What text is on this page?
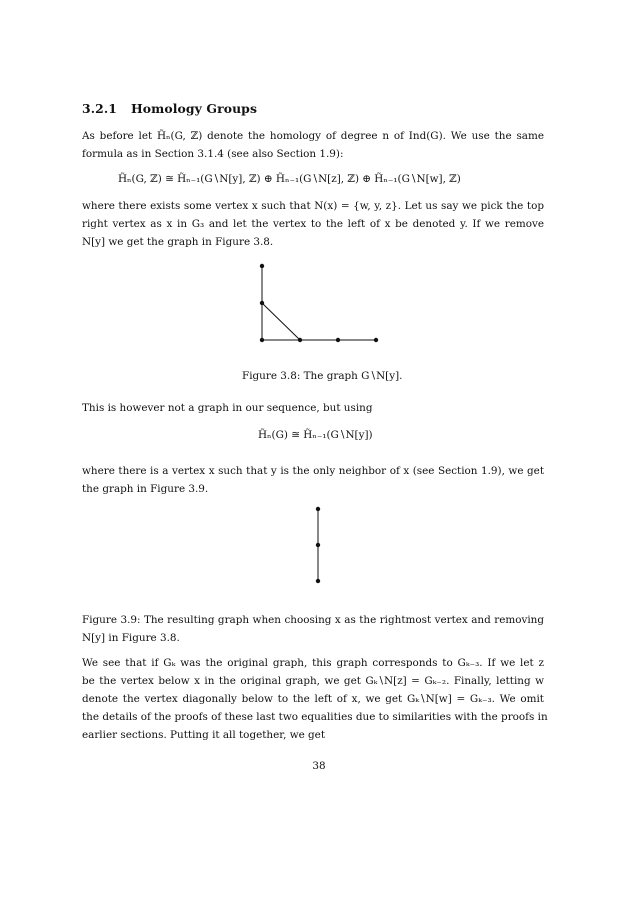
3.2.1 Homology Groups
As before let H̃ₙ(G, ℤ) denote the homology of degree n of Ind(G). We use the same
formula as in Section 3.1.4 (see also Section 1.9):
H̃ₙ(G, ℤ) ≅ H̃ₙ₋₁(G∖N[y], ℤ) ⊕ H̃ₙ₋₁(G∖N[z], ℤ) ⊕ H̃ₙ₋₁(G∖N[w], ℤ)
where there exists some vertex x such that N(x) = {w, y, z}. Let us say we pick the top
right vertex as x in G₃ and let the vertex to the left of x be denoted y. If we remove
N[y] we get the graph in Figure 3.8.
Figure 3.8: The graph G∖N[y].
This is however not a graph in our sequence, but using
H̃ₙ(G) ≅ H̃ₙ₋₁(G∖N[y])
where there is a vertex x such that y is the only neighbor of x (see Section 1.9), we get
the graph in Figure 3.9.
Figure 3.9: The resulting graph when choosing x as the rightmost vertex and removing
N[y] in Figure 3.8.
We see that if Gₖ was the original graph, this graph corresponds to Gₖ₋₃. If we let z
be the vertex below x in the original graph, we get Gₖ∖N[z] = Gₖ₋₂. Finally, letting w
denote the vertex diagonally below to the left of x, we get Gₖ∖N[w] = Gₖ₋₃. We omit
the details of the proofs of these last two equalities due to similarities with the proofs in
earlier sections. Putting it all together, we get
38
